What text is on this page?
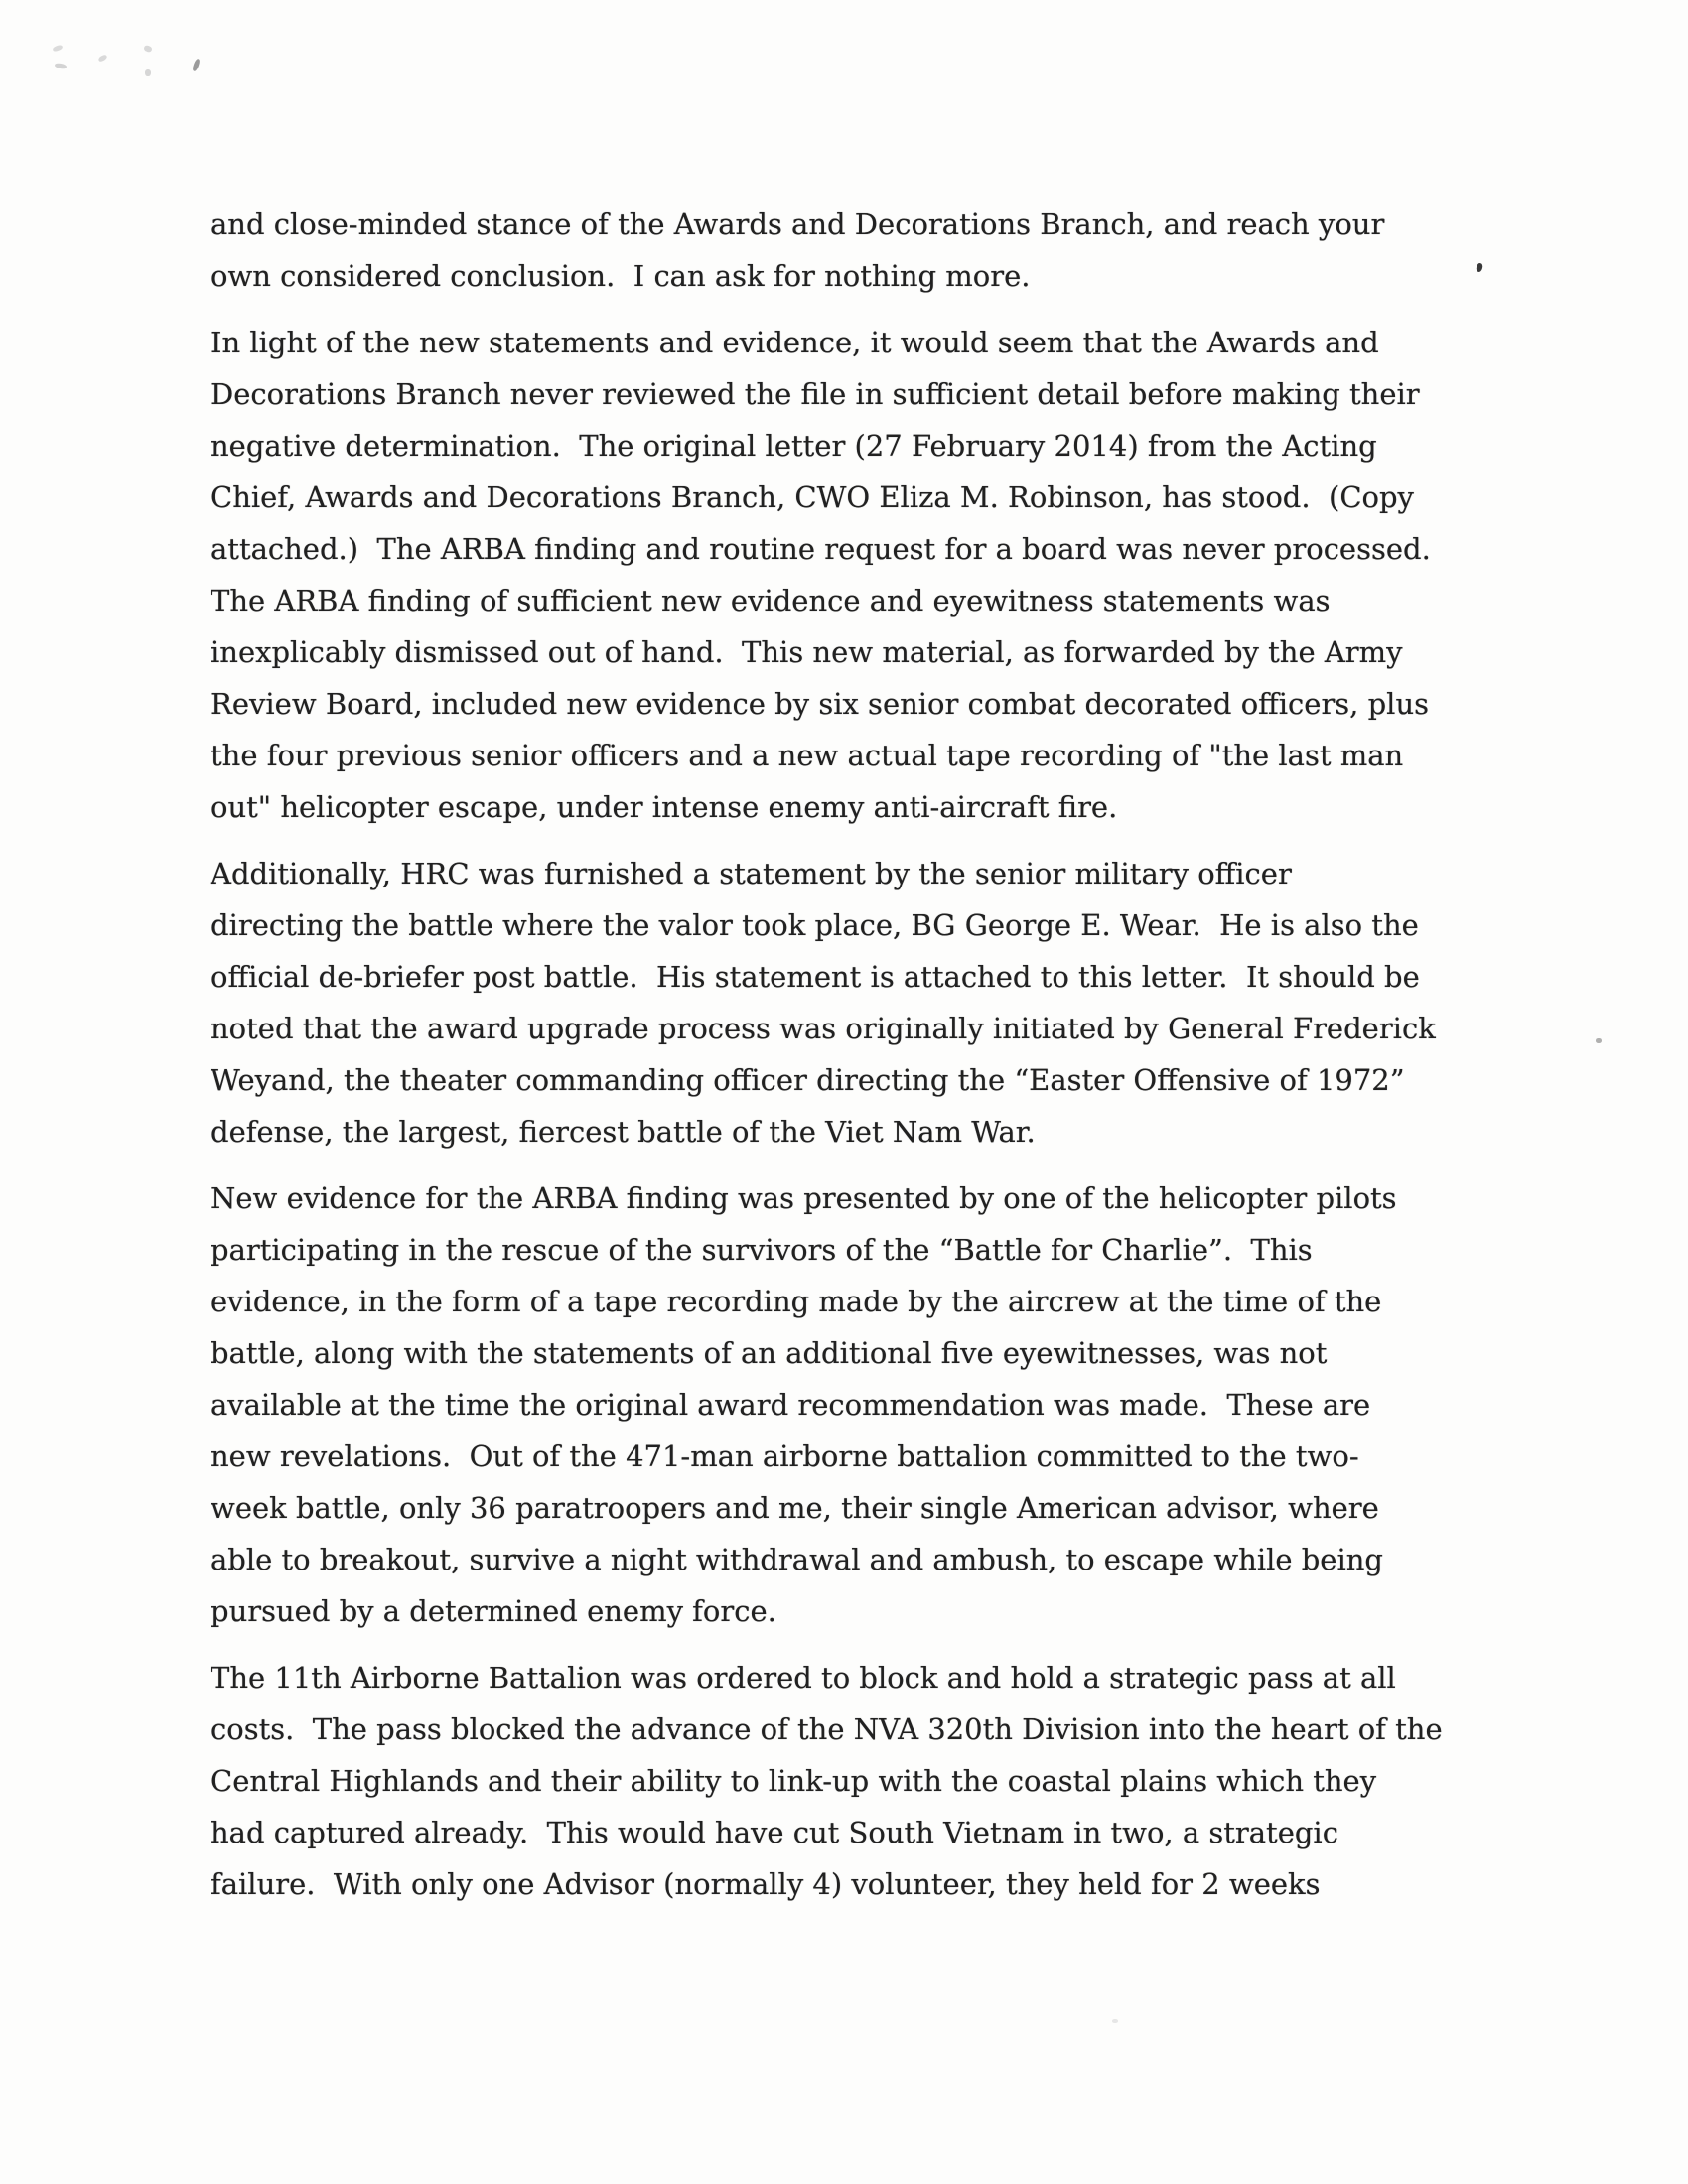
and close-minded stance of the Awards and Decorations Branch, and reach your
own considered conclusion.  I can ask for nothing more.

In light of the new statements and evidence, it would seem that the Awards and
Decorations Branch never reviewed the file in sufficient detail before making their
negative determination.  The original letter (27 February 2014) from the Acting
Chief, Awards and Decorations Branch, CWO Eliza M. Robinson, has stood.  (Copy
attached.)  The ARBA finding and routine request for a board was never processed.
The ARBA finding of sufficient new evidence and eyewitness statements was
inexplicably dismissed out of hand.  This new material, as forwarded by the Army
Review Board, included new evidence by six senior combat decorated officers, plus
the four previous senior officers and a new actual tape recording of "the last man
out" helicopter escape, under intense enemy anti-aircraft fire.

Additionally, HRC was furnished a statement by the senior military officer
directing the battle where the valor took place, BG George E. Wear.  He is also the
official de-briefer post battle.  His statement is attached to this letter.  It should be
noted that the award upgrade process was originally initiated by General Frederick
Weyand, the theater commanding officer directing the “Easter Offensive of 1972”
defense, the largest, fiercest battle of the Viet Nam War.

New evidence for the ARBA finding was presented by one of the helicopter pilots
participating in the rescue of the survivors of the “Battle for Charlie”.  This
evidence, in the form of a tape recording made by the aircrew at the time of the
battle, along with the statements of an additional five eyewitnesses, was not
available at the time the original award recommendation was made.  These are
new revelations.  Out of the 471-man airborne battalion committed to the two-
week battle, only 36 paratroopers and me, their single American advisor, where
able to breakout, survive a night withdrawal and ambush, to escape while being
pursued by a determined enemy force.

The 11th Airborne Battalion was ordered to block and hold a strategic pass at all
costs.  The pass blocked the advance of the NVA 320th Division into the heart of the
Central Highlands and their ability to link-up with the coastal plains which they
had captured already.  This would have cut South Vietnam in two, a strategic
failure.  With only one Advisor (normally 4) volunteer, they held for 2 weeks
